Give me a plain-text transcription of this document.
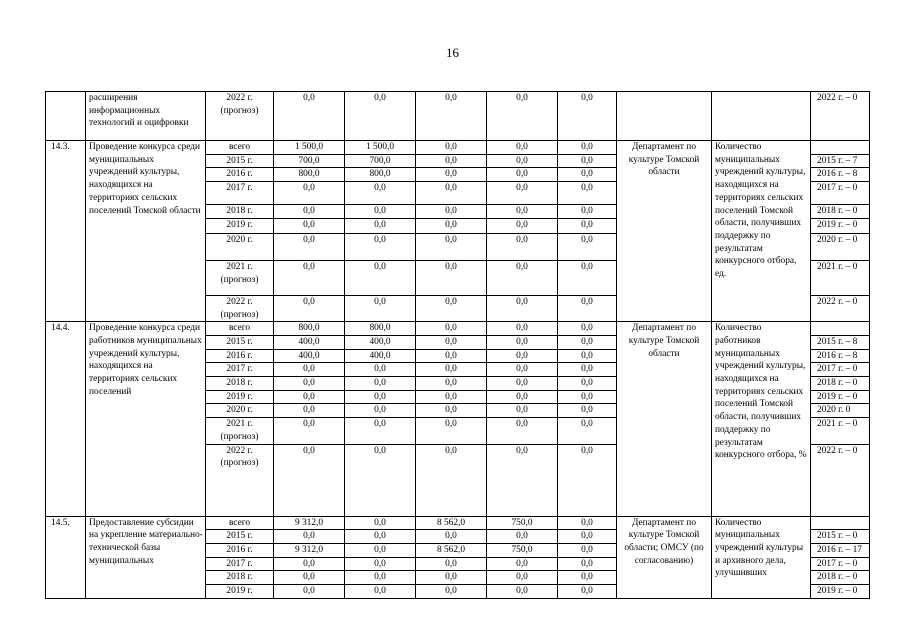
16
	расширения информационных технологий и оцифровки	2022 г. (прогноз)	0,0	0,0	0,0	0,0	0,0			2022 г. – 0
14.3.	Проведение конкурса среди муниципальных учреждений культуры, находящихся на территориях сельских поселений Томской области	всего	1 500,0	1 500,0	0,0	0,0	0,0	Департамент по культуре Томской области	Количество муниципальных учреждений культуры, находящихся на территориях сельских поселений Томской области, получивших поддержку по результатам конкурсного отбора, ед.	
		2015 г.	700,0	700,0	0,0	0,0	0,0			2015 г. – 7
		2016 г.	800,0	800,0	0,0	0,0	0,0			2016 г. – 8
		2017 г.	0,0	0,0	0,0	0,0	0,0			2017 г. – 0
		2018 г.	0,0	0,0	0,0	0,0	0,0			2018 г. – 0
		2019 г.	0,0	0,0	0,0	0,0	0,0			2019 г. – 0
		2020 г.	0,0	0,0	0,0	0,0	0,0			2020 г. – 0
		2021 г. (прогноз)	0,0	0,0	0,0	0,0	0,0			2021 г. – 0
		2022 г. (прогноз)	0,0	0,0	0,0	0,0	0,0			2022 г. – 0
14.4.	Проведение конкурса среди работников муниципальных учреждений культуры, находящихся на территориях сельских поселений	всего	800,0	800,0	0,0	0,0	0,0	Департамент по культуре Томской области	Количество работников муниципальных учреждений культуры, находящихся на территориях сельских поселений Томской области, получивших поддержку по результатам конкурсного отбора, %	
		2015 г.	400,0	400,0	0,0	0,0	0,0			2015 г. – 8
		2016 г.	400,0	400,0	0,0	0,0	0,0			2016 г. – 8
		2017 г.	0,0	0,0	0,0	0,0	0,0			2017 г. – 0
		2018 г.	0,0	0,0	0,0	0,0	0,0			2018 г. – 0
		2019 г.	0,0	0,0	0,0	0,0	0,0			2019 г. – 0
		2020 г.	0,0	0,0	0,0	0,0	0,0			2020 г. 0
		2021 г. (прогноз)	0,0	0,0	0,0	0,0	0,0			2021 г. – 0
		2022 г. (прогноз)	0,0	0,0	0,0	0,0	0,0			2022 г. – 0
14.5.	Предоставление субсидии на укрепление материально-технической базы муниципальных	всего	9 312,0	0,0	8 562,0	750,0	0,0	Департамент по культуре Томской области; ОМСУ (по согласованию)	Количество муниципальных учреждений культуры и архивного дела, улучшивших	
		2015 г.	0,0	0,0	0,0	0,0	0,0			2015 г. – 0
		2016 г.	9 312,0	0,0	8 562,0	750,0	0,0			2016 г. – 17
		2017 г.	0,0	0,0	0,0	0,0	0,0			2017 г. – 0
		2018 г.	0,0	0,0	0,0	0,0	0,0			2018 г. – 0
		2019 г.	0,0	0,0	0,0	0,0	0,0			2019 г. – 0
